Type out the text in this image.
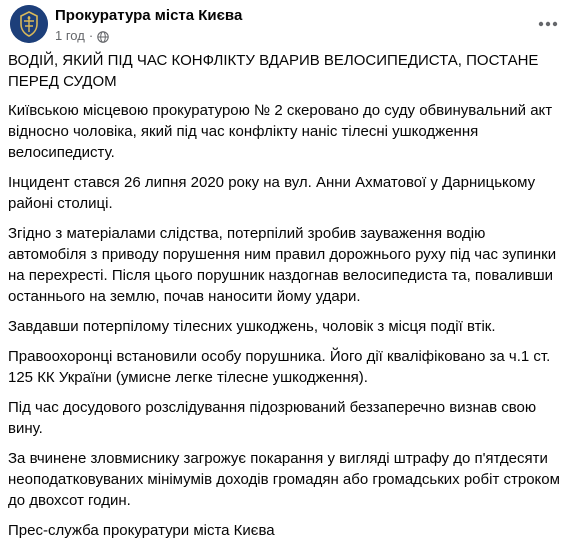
Прокуратура міста Києва
1 год ·

ВОДІЙ, ЯКИЙ ПІД ЧАС КОНФЛІКТУ ВДАРИВ ВЕЛОСИПЕДИСТА, ПОСТАНЕ ПЕРЕД СУДОМ

Київською місцевою прокуратурою № 2 скеровано до суду обвинувальний акт відносно чоловіка, який під час конфлікту наніс тілесні ушкодження велосипедисту.

Інцидент стався 26 липня 2020 року на вул. Анни Ахматової у Дарницькому районі столиці.

Згідно з матеріалами слідства, потерпілий зробив зауваження водію автомобіля з приводу порушення ним правил дорожнього руху під час зупинки на перехресті. Після цього порушник наздогнав велосипедиста та, поваливши останнього на землю, почав наносити йому удари.

Завдавши потерпілому тілесних ушкоджень, чоловік з місця події втік.

Правоохоронці встановили особу порушника. Його дії кваліфіковано за ч.1 ст. 125 КК України (умисне легке тілесне ушкодження).

Під час досудового розслідування підозрюваний беззаперечно визнав свою вину.

За вчинене зловмиснику загрожує покарання у вигляді штрафу до п'ятдесяти неоподатковуваних мінімумів доходів громадян або громадських робіт строком до двохсот годин.

Прес-служба прокуратури міста Києва
